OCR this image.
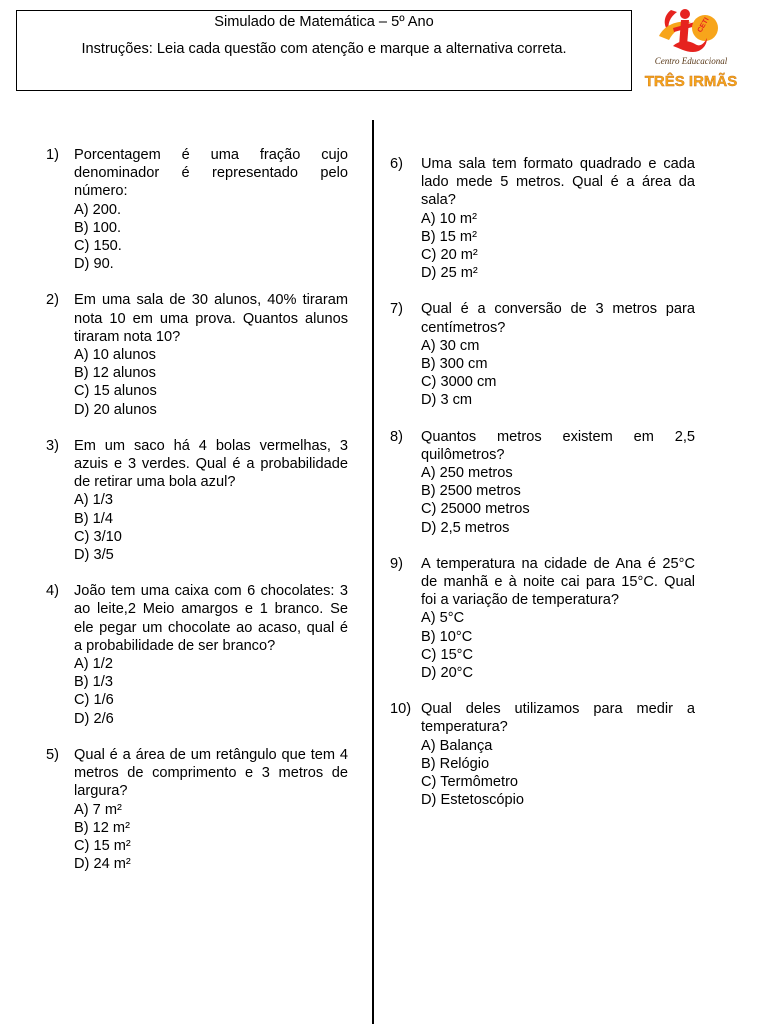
Simulado de Matemática – 5º Ano
Instruções: Leia cada questão com atenção e marque a alternativa correta.
CETI
Centro Educacional
TRÊS IRMÃS
1) Porcentagem é uma fração cujo denominador é representado pelo número:
A) 200.
B) 100.
C) 150.
D) 90.
2) Em uma sala de 30 alunos, 40% tiraram nota 10 em uma prova. Quantos alunos tiraram nota 10?
A) 10 alunos
B) 12 alunos
C) 15 alunos
D) 20 alunos
3) Em um saco há 4 bolas vermelhas, 3 azuis e 3 verdes. Qual é a probabilidade de retirar uma bola azul?
A) 1/3
B) 1/4
C) 3/10
D) 3/5
4) João tem uma caixa com 6 chocolates: 3 ao leite,2 Meio amargos e 1 branco. Se ele pegar um chocolate ao acaso, qual é a probabilidade de ser branco?
A) 1/2
B) 1/3
C) 1/6
D) 2/6
5) Qual é a área de um retângulo que tem 4 metros de comprimento e 3 metros de largura?
A) 7 m²
B) 12 m²
C) 15 m²
D) 24 m²
6) Uma sala tem formato quadrado e cada lado mede 5 metros. Qual é a área da sala?
A) 10 m²
B) 15 m²
C) 20 m²
D) 25 m²
7) Qual é a conversão de 3 metros para centímetros?
A) 30 cm
B) 300 cm
C) 3000 cm
D) 3 cm
8) Quantos metros existem em 2,5 quilômetros?
A) 250 metros
B) 2500 metros
C) 25000 metros
D) 2,5 metros
9) A temperatura na cidade de Ana é 25°C de manhã e à noite cai para 15°C. Qual foi a variação de temperatura?
A) 5°C
B) 10°C
C) 15°C
D) 20°C
10) Qual deles utilizamos para medir a temperatura?
A) Balança
B) Relógio
C) Termômetro
D) Estetoscópio
